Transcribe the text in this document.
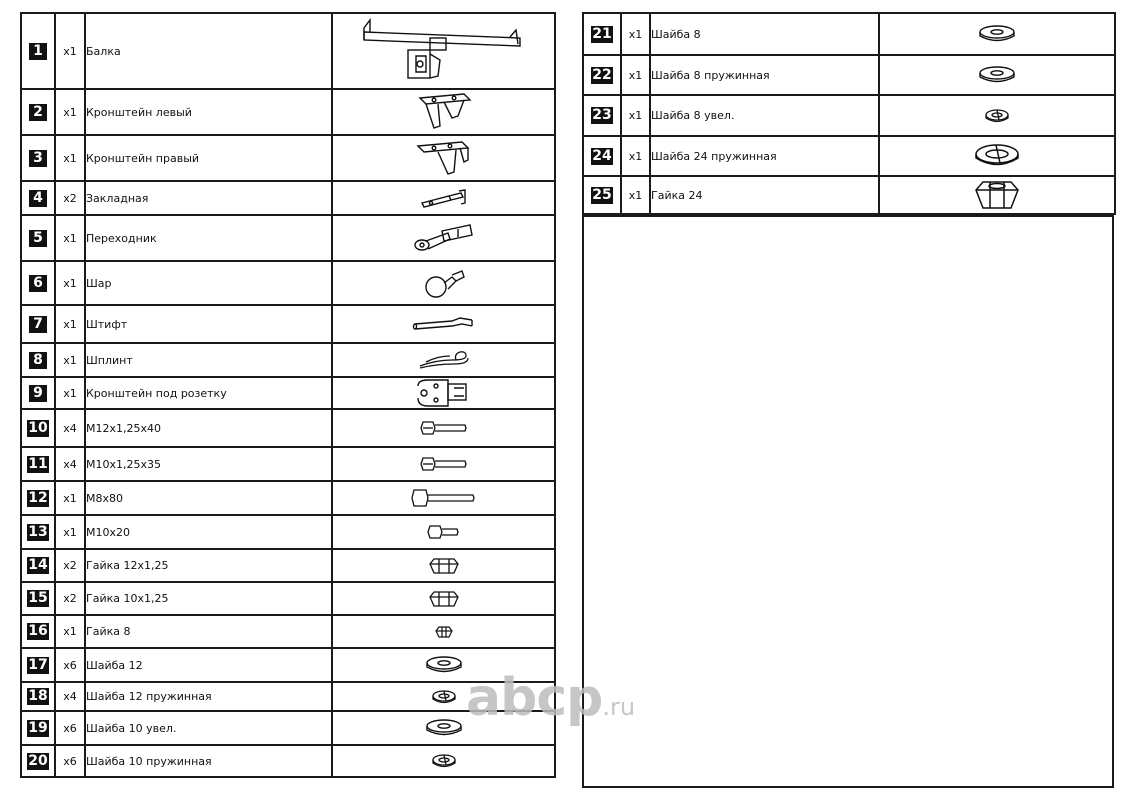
1	x1	Балка	
2	x1	Кронштейн левый	
3	x1	Кронштейн правый	
4	x2	Закладная	
5	x1	Переходник	
6	x1	Шар	
7	x1	Штифт	
8	x1	Шплинт	
9	x1	Кронштейн под розетку	
10	x4	М12х1,25х40	
11	x4	М10х1,25х35	
12	x1	М8х80	
13	x1	М10х20	
14	x2	Гайка 12х1,25	
15	x2	Гайка 10х1,25	
16	x1	Гайка 8	
17	x6	Шайба 12	
18	x4	Шайба 12 пружинная	
19	x6	Шайба 10 увел.	
20	x6	Шайба 10 пружинная	
21	x1	Шайба 8	
22	x1	Шайба 8 пружинная	
23	x1	Шайба 8 увел.	
24	x1	Шайба 24 пружинная	
25	x1	Гайка 24	
abcp.ru
